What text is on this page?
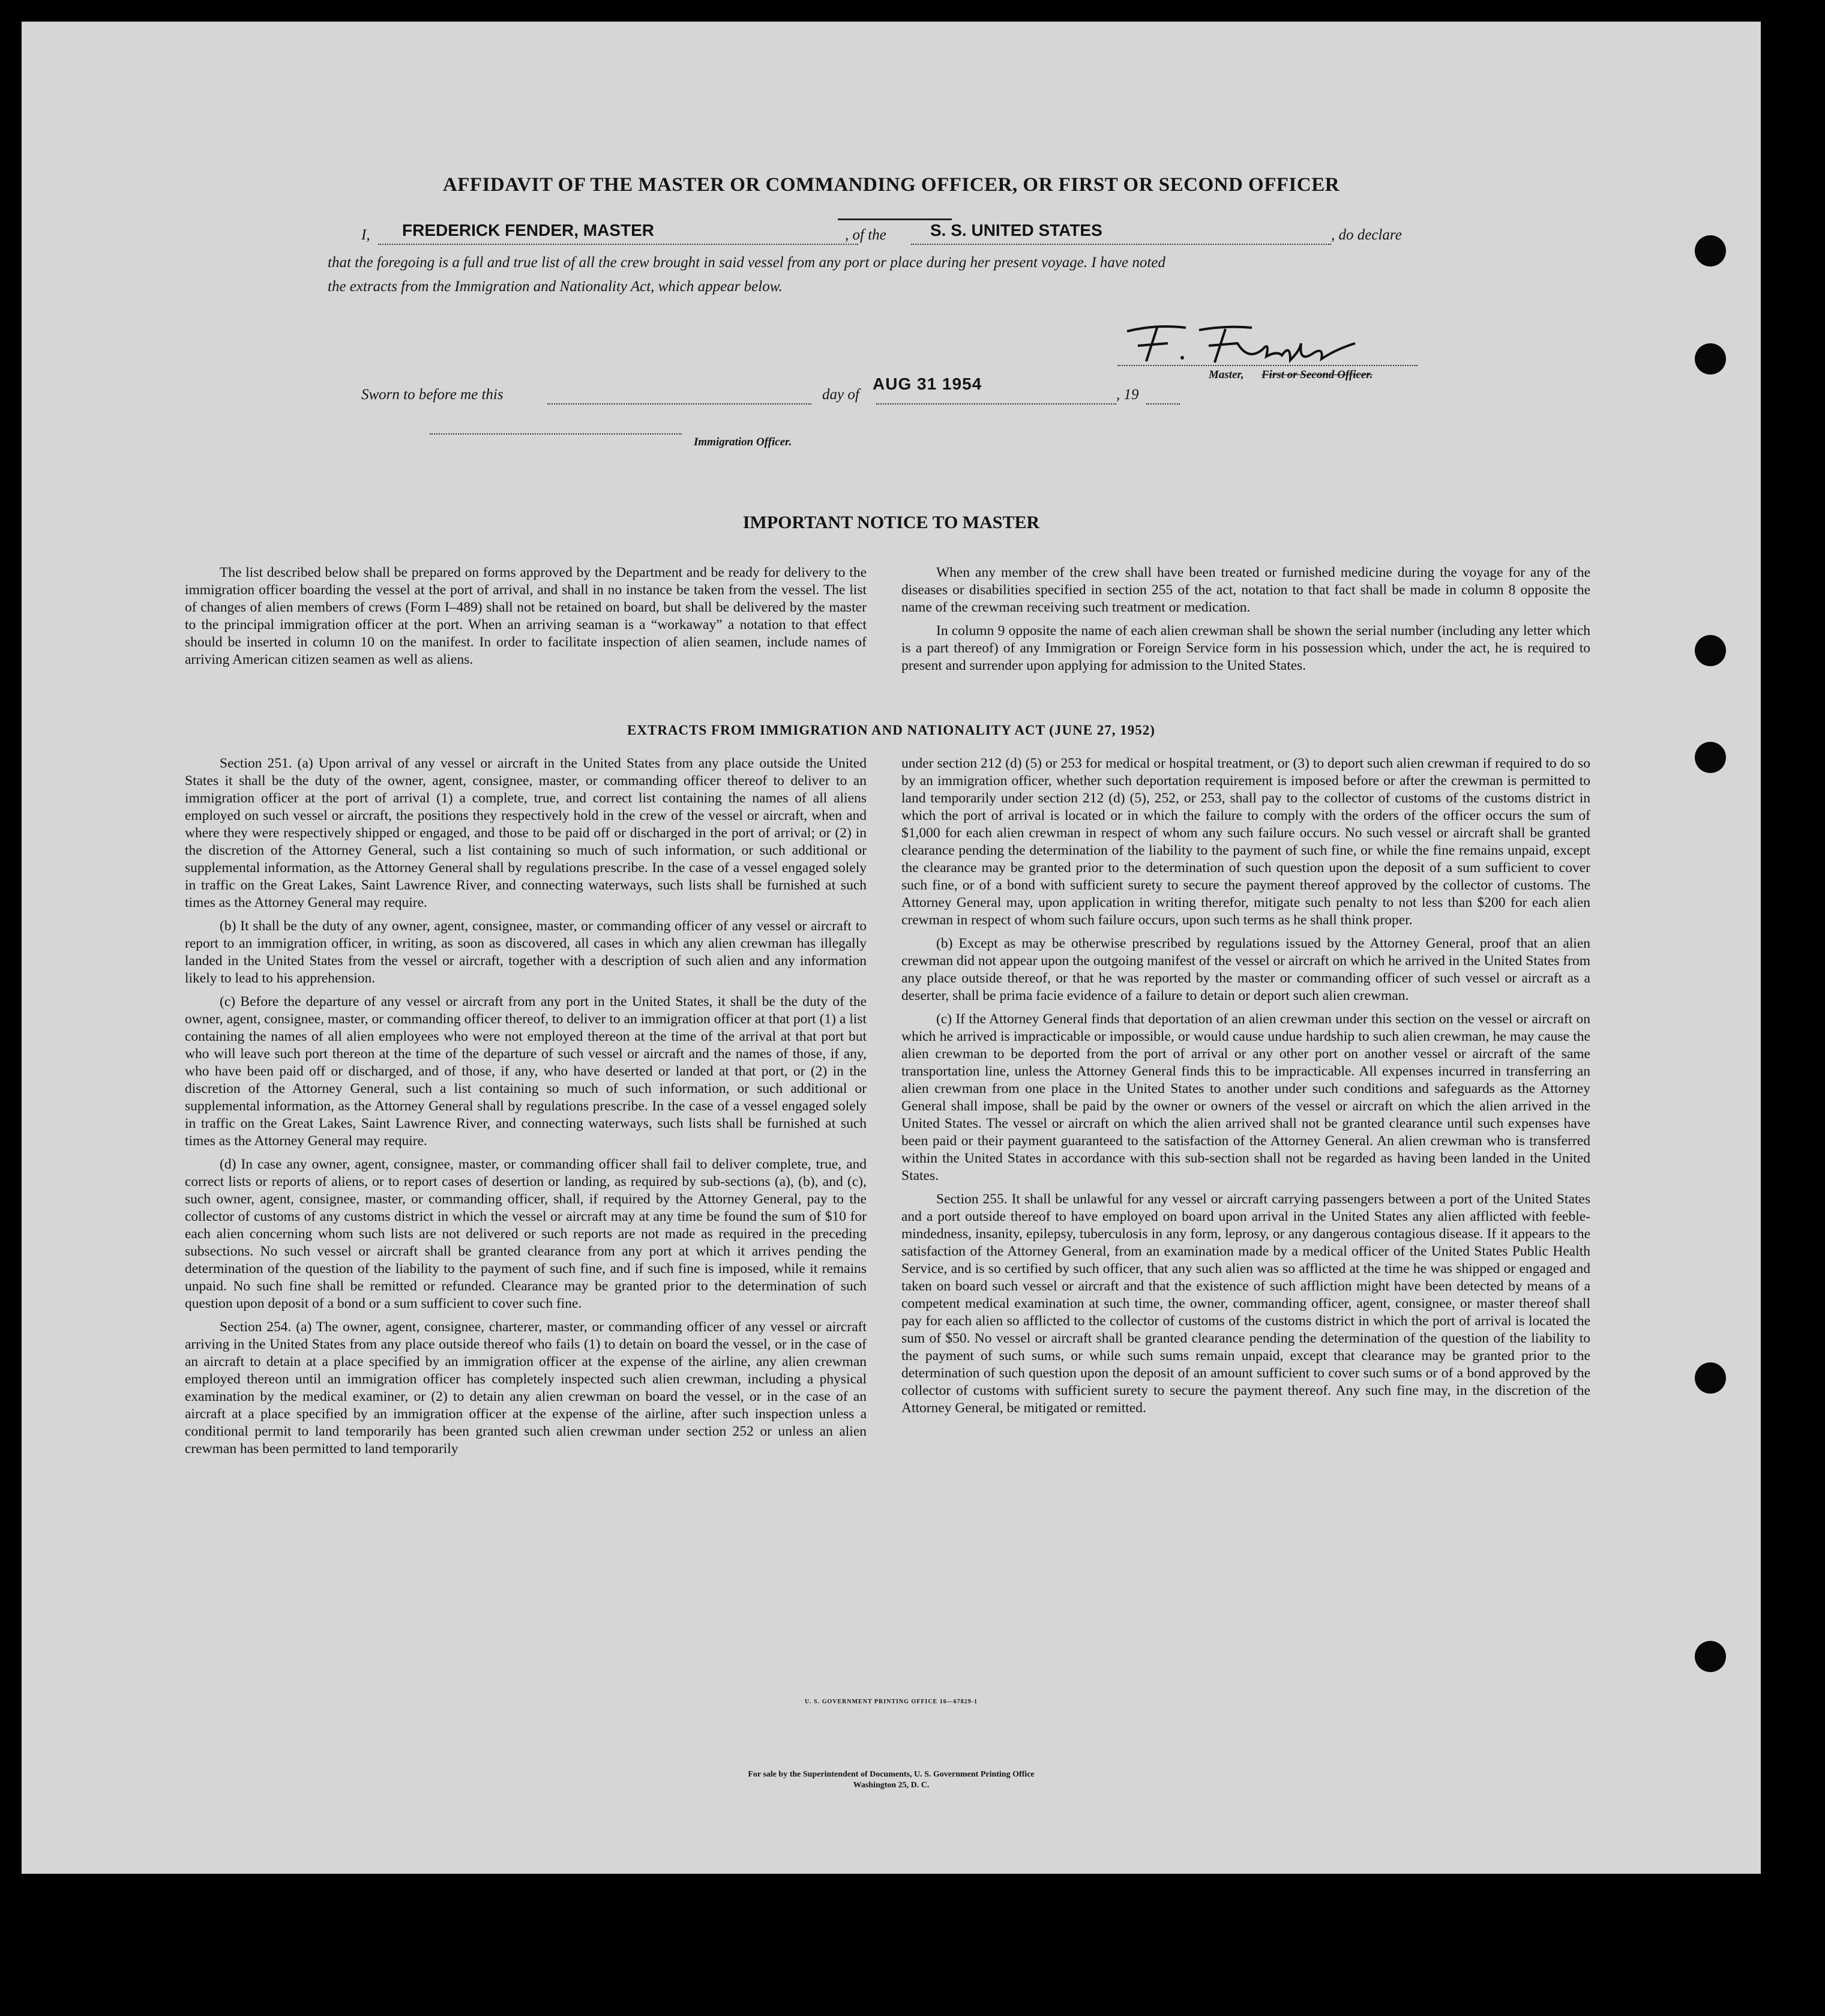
AFFIDAVIT OF THE MASTER OR COMMANDING OFFICER, OR FIRST OR SECOND OFFICER
I, FREDERICK FENDER, MASTER	, of the	S. S. UNITED STATES	, do declare
that the foregoing is a full and true list of all the crew brought in said vessel from any port or place during her present voyage. I have noted
the extracts from the Immigration and Nationality Act, which appear below.
Master, First or Second Officer.
Sworn to before me this	day of
AUG 31 1954
, 19
Immigration Officer.
IMPORTANT NOTICE TO MASTER

The list described below shall be prepared on forms approved by the Department and be ready for delivery to the immigration officer boarding the vessel at the port of arrival, and shall in no instance be taken from the vessel. The list of changes of alien members of crews (Form I–489) shall not be retained on board, but shall be delivered by the master to the principal immigration officer at the port. When an arriving seaman is a “workaway” a notation to that effect should be inserted in column 10 on the manifest. In order to facilitate inspection of alien seamen, include names of arriving American citizen seamen as well as aliens.

When any member of the crew shall have been treated or furnished medicine during the voyage for any of the diseases or disabilities specified in section 255 of the act, notation to that fact shall be made in column 8 opposite the name of the crewman receiving such treatment or medication.

In column 9 opposite the name of each alien crewman shall be shown the serial number (including any letter which is a part thereof) of any Immigration or Foreign Service form in his possession which, under the act, he is required to present and surrender upon applying for admission to the United States.

EXTRACTS FROM IMMIGRATION AND NATIONALITY ACT (JUNE 27, 1952)

Section 251. (a) Upon arrival of any vessel or aircraft in the United States from any place outside the United States it shall be the duty of the owner, agent, consignee, master, or commanding officer thereof to deliver to an immigration officer at the port of arrival (1) a complete, true, and correct list containing the names of all aliens employed on such vessel or aircraft, the positions they respectively hold in the crew of the vessel or aircraft, when and where they were respectively shipped or engaged, and those to be paid off or discharged in the port of arrival; or (2) in the discretion of the Attorney General, such a list containing so much of such information, or such additional or supplemental information, as the Attorney General shall by regulations prescribe. In the case of a vessel engaged solely in traffic on the Great Lakes, Saint Lawrence River, and connecting waterways, such lists shall be furnished at such times as the Attorney General may require.

(b) It shall be the duty of any owner, agent, consignee, master, or commanding officer of any vessel or aircraft to report to an immigration officer, in writing, as soon as discovered, all cases in which any alien crewman has illegally landed in the United States from the vessel or aircraft, together with a description of such alien and any information likely to lead to his apprehension.

(c) Before the departure of any vessel or aircraft from any port in the United States, it shall be the duty of the owner, agent, consignee, master, or commanding officer thereof, to deliver to an immigration officer at that port (1) a list containing the names of all alien employees who were not employed thereon at the time of the arrival at that port but who will leave such port thereon at the time of the departure of such vessel or aircraft and the names of those, if any, who have been paid off or discharged, and of those, if any, who have deserted or landed at that port, or (2) in the discretion of the Attorney General, such a list containing so much of such information, or such additional or supplemental information, as the Attorney General shall by regulations prescribe. In the case of a vessel engaged solely in traffic on the Great Lakes, Saint Lawrence River, and connecting waterways, such lists shall be furnished at such times as the Attorney General may require.

(d) In case any owner, agent, consignee, master, or commanding officer shall fail to deliver complete, true, and correct lists or reports of aliens, or to report cases of desertion or landing, as required by sub-sections (a), (b), and (c), such owner, agent, consignee, master, or commanding officer, shall, if required by the Attorney General, pay to the collector of customs of any customs district in which the vessel or aircraft may at any time be found the sum of $10 for each alien concerning whom such lists are not delivered or such reports are not made as required in the preceding subsections. No such vessel or aircraft shall be granted clearance from any port at which it arrives pending the determination of the question of the liability to the payment of such fine, and if such fine is imposed, while it remains unpaid. No such fine shall be remitted or refunded. Clearance may be granted prior to the determination of such question upon deposit of a bond or a sum sufficient to cover such fine.

Section 254. (a) The owner, agent, consignee, charterer, master, or commanding officer of any vessel or aircraft arriving in the United States from any place outside thereof who fails (1) to detain on board the vessel, or in the case of an aircraft to detain at a place specified by an immigration officer at the expense of the airline, any alien crewman employed thereon until an immigration officer has completely inspected such alien crewman, including a physical examination by the medical examiner, or (2) to detain any alien crewman on board the vessel, or in the case of an aircraft at a place specified by an immigration officer at the expense of the airline, after such inspection unless a conditional permit to land temporarily has been granted such alien crewman under section 252 or unless an alien crewman has been permitted to land temporarily

under section 212 (d) (5) or 253 for medical or hospital treatment, or (3) to deport such alien crewman if required to do so by an immigration officer, whether such deportation requirement is imposed before or after the crewman is permitted to land temporarily under section 212 (d) (5), 252, or 253, shall pay to the collector of customs of the customs district in which the port of arrival is located or in which the failure to comply with the orders of the officer occurs the sum of $1,000 for each alien crewman in respect of whom any such failure occurs. No such vessel or aircraft shall be granted clearance pending the determination of the liability to the payment of such fine, or while the fine remains unpaid, except the clearance may be granted prior to the determination of such question upon the deposit of a sum sufficient to cover such fine, or of a bond with sufficient surety to secure the payment thereof approved by the collector of customs. The Attorney General may, upon application in writing therefor, mitigate such penalty to not less than $200 for each alien crewman in respect of whom such failure occurs, upon such terms as he shall think proper.

(b) Except as may be otherwise prescribed by regulations issued by the Attorney General, proof that an alien crewman did not appear upon the outgoing manifest of the vessel or aircraft on which he arrived in the United States from any place outside thereof, or that he was reported by the master or commanding officer of such vessel or aircraft as a deserter, shall be prima facie evidence of a failure to detain or deport such alien crewman.

(c) If the Attorney General finds that deportation of an alien crewman under this section on the vessel or aircraft on which he arrived is impracticable or impossible, or would cause undue hardship to such alien crewman, he may cause the alien crewman to be deported from the port of arrival or any other port on another vessel or aircraft of the same transportation line, unless the Attorney General finds this to be impracticable. All expenses incurred in transferring an alien crewman from one place in the United States to another under such conditions and safeguards as the Attorney General shall impose, shall be paid by the owner or owners of the vessel or aircraft on which the alien arrived in the United States. The vessel or aircraft on which the alien arrived shall not be granted clearance until such expenses have been paid or their payment guaranteed to the satisfaction of the Attorney General. An alien crewman who is transferred within the United States in accordance with this sub-section shall not be regarded as having been landed in the United States.

Section 255. It shall be unlawful for any vessel or aircraft carrying passengers between a port of the United States and a port outside thereof to have employed on board upon arrival in the United States any alien afflicted with feeble-mindedness, insanity, epilepsy, tuberculosis in any form, leprosy, or any dangerous contagious disease. If it appears to the satisfaction of the Attorney General, from an examination made by a medical officer of the United States Public Health Service, and is so certified by such officer, that any such alien was so afflicted at the time he was shipped or engaged and taken on board such vessel or aircraft and that the existence of such affliction might have been detected by means of a competent medical examination at such time, the owner, commanding officer, agent, consignee, or master thereof shall pay for each alien so afflicted to the collector of customs of the customs district in which the port of arrival is located the sum of $50. No vessel or aircraft shall be granted clearance pending the determination of the question of the liability to the payment of such sums, or while such sums remain unpaid, except that clearance may be granted prior to the determination of such question upon the deposit of an amount sufficient to cover such sums or of a bond approved by the collector of customs with sufficient surety to secure the payment thereof. Any such fine may, in the discretion of the Attorney General, be mitigated or remitted.

U. S. GOVERNMENT PRINTING OFFICE 16—67829-1
For sale by the Superintendent of Documents, U. S. Government Printing Office
Washington 25, D. C.
